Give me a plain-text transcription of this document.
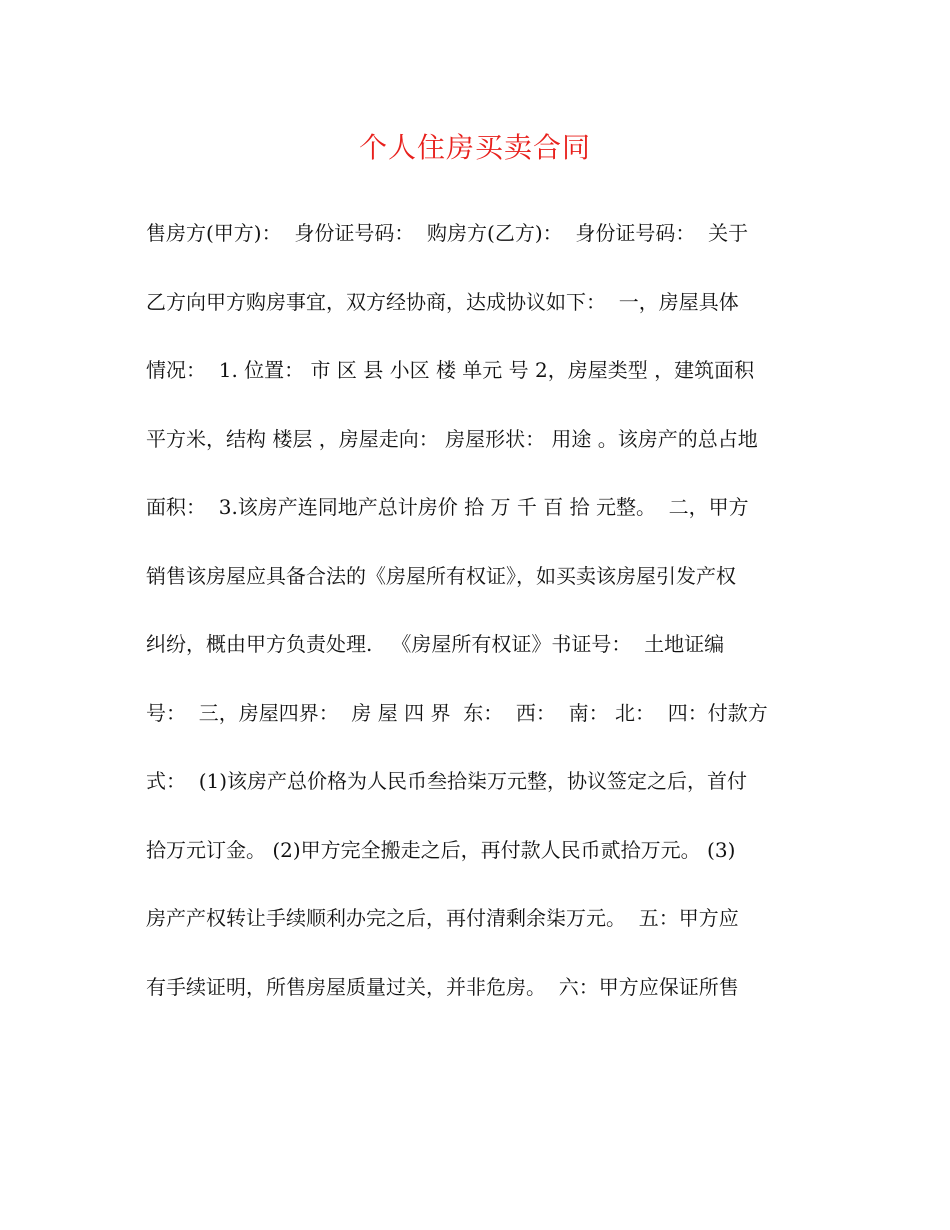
个人住房买卖合同
售房方(甲方)：  身份证号码：  购房方(乙方)：  身份证号码：  关于
乙方向甲方购房事宜，双方经协商，达成协议如下：  一，房屋具体
情况：  1. 位置： 市 区 县 小区 楼 单元 号 2，房屋类型 ，建筑面积
平方米，结构 楼层 ，房屋走向： 房屋形状： 用途 。该房产的总占地
面积：  3.该房产连同地产总计房价 拾 万 千 百 拾 元整。  二，甲方
销售该房屋应具备合法的《房屋所有权证》，如买卖该房屋引发产权
纠纷，概由甲方负责处理.   《房屋所有权证》书证号：  土地证编
号：  三，房屋四界：  房 屋 四 界  东：  西：  南： 北：  四：付款方
式：  (1)该房产总价格为人民币叁拾柒万元整，协议签定之后，首付
拾万元订金。 (2)甲方完全搬走之后，再付款人民币贰拾万元。 (3)
房产产权转让手续顺利办完之后，再付清剩余柒万元。  五：甲方应
有手续证明，所售房屋质量过关，并非危房。  六：甲方应保证所售
